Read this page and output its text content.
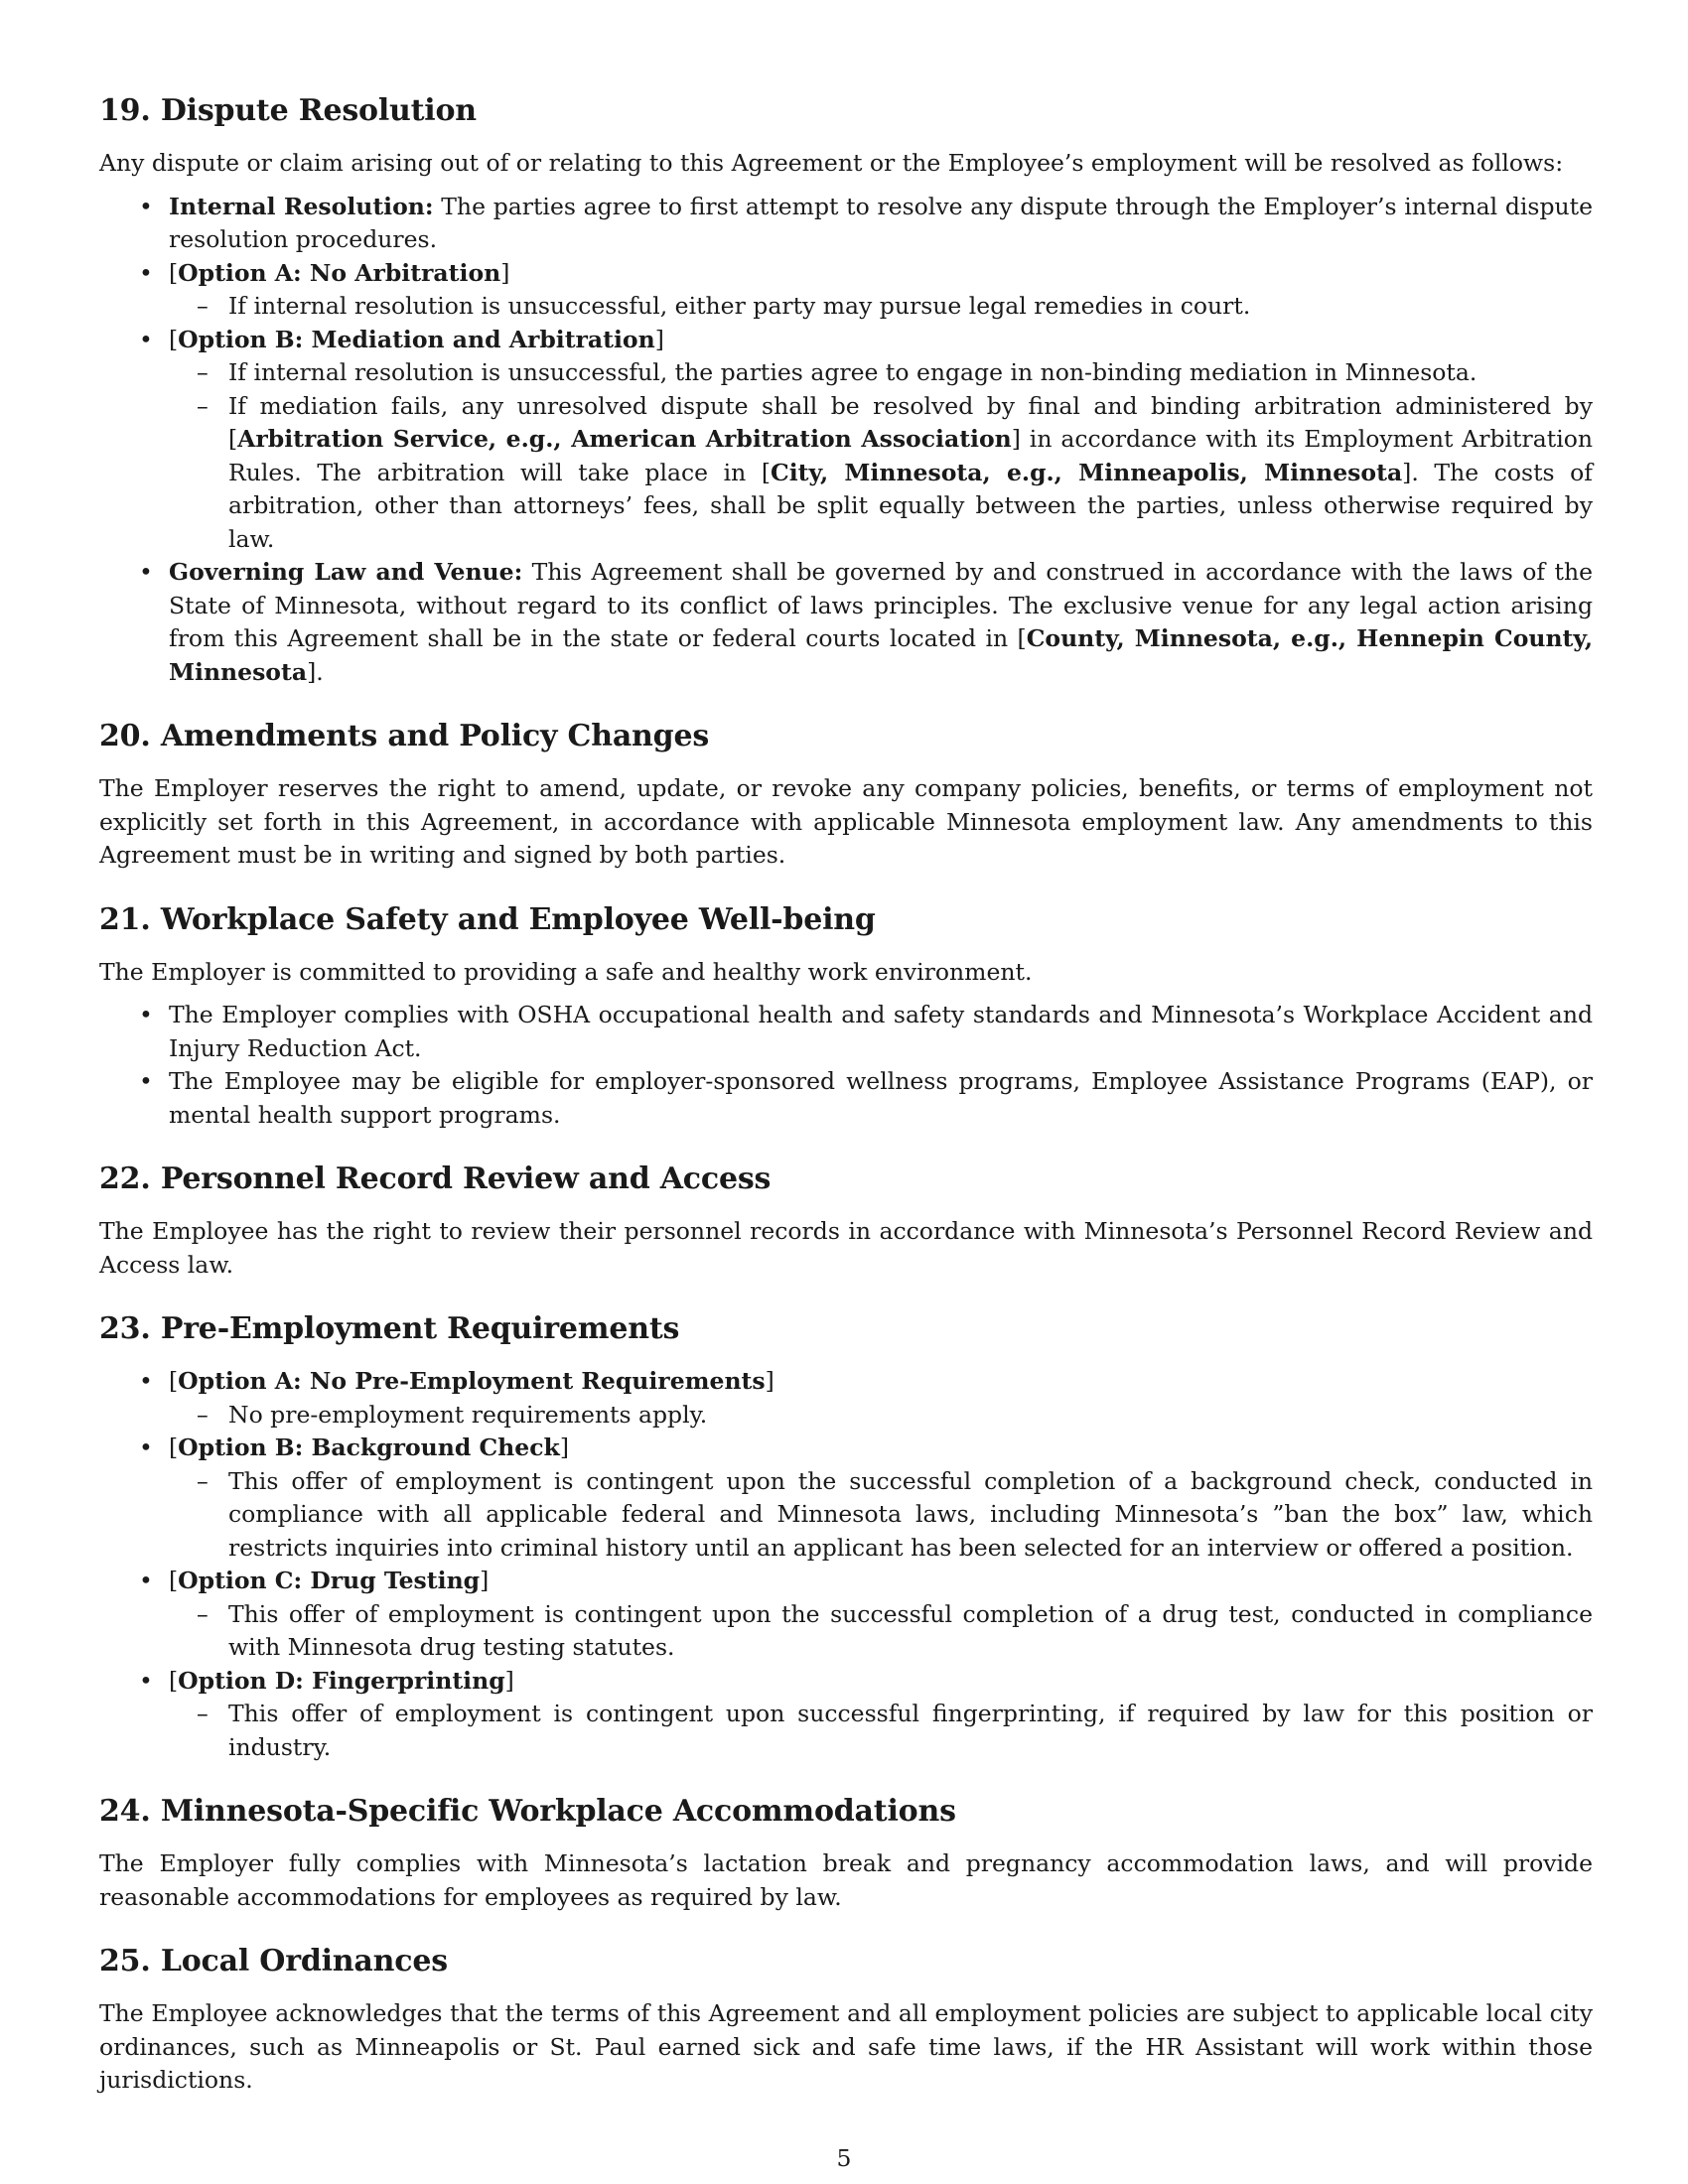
19. Dispute Resolution

Any dispute or claim arising out of or relating to this Agreement or the Employee’s employment will be resolved as follows:

• Internal Resolution: The parties agree to first attempt to resolve any dispute through the Employer’s internal dispute resolution procedures.
• [Option A: No Arbitration]
– If internal resolution is unsuccessful, either party may pursue legal remedies in court.
• [Option B: Mediation and Arbitration]
– If internal resolution is unsuccessful, the parties agree to engage in non-binding mediation in Minnesota.
– If mediation fails, any unresolved dispute shall be resolved by final and binding arbitration administered by [Arbitration Service, e.g., American Arbitration Association] in accordance with its Employment Arbitration Rules. The arbitration will take place in [City, Minnesota, e.g., Minneapolis, Minnesota]. The costs of arbitration, other than attorneys’ fees, shall be split equally between the parties, unless otherwise required by law.
• Governing Law and Venue: This Agreement shall be governed by and construed in accordance with the laws of the State of Minnesota, without regard to its conflict of laws principles. The exclusive venue for any legal action arising from this Agreement shall be in the state or federal courts located in [County, Minnesota, e.g., Hennepin County, Minnesota].
20. Amendments and Policy Changes

The Employer reserves the right to amend, update, or revoke any company policies, benefits, or terms of employment not explicitly set forth in this Agreement, in accordance with applicable Minnesota employment law. Any amendments to this Agreement must be in writing and signed by both parties.

21. Workplace Safety and Employee Well-being

The Employer is committed to providing a safe and healthy work environment.

• The Employer complies with OSHA occupational health and safety standards and Minnesota’s Workplace Accident and Injury Reduction Act.
• The Employee may be eligible for employer-sponsored wellness programs, Employee Assistance Programs (EAP), or mental health support programs.
22. Personnel Record Review and Access

The Employee has the right to review their personnel records in accordance with Minnesota’s Personnel Record Review and Access law.

23. Pre-Employment Requirements
• [Option A: No Pre-Employment Requirements]
– No pre-employment requirements apply.
• [Option B: Background Check]
– This offer of employment is contingent upon the successful completion of a background check, conducted in compliance with all applicable federal and Minnesota laws, including Minnesota’s ”ban the box” law, which restricts inquiries into criminal history until an applicant has been selected for an interview or offered a position.
• [Option C: Drug Testing]
– This offer of employment is contingent upon the successful completion of a drug test, conducted in compliance with Minnesota drug testing statutes.
• [Option D: Fingerprinting]
– This offer of employment is contingent upon successful fingerprinting, if required by law for this position or industry.
24. Minnesota-Specific Workplace Accommodations

The Employer fully complies with Minnesota’s lactation break and pregnancy accommodation laws, and will provide reasonable accommodations for employees as required by law.

25. Local Ordinances

The Employee acknowledges that the terms of this Agreement and all employment policies are subject to applicable local city ordinances, such as Minneapolis or St. Paul earned sick and safe time laws, if the HR Assistant will work within those jurisdictions.

5
